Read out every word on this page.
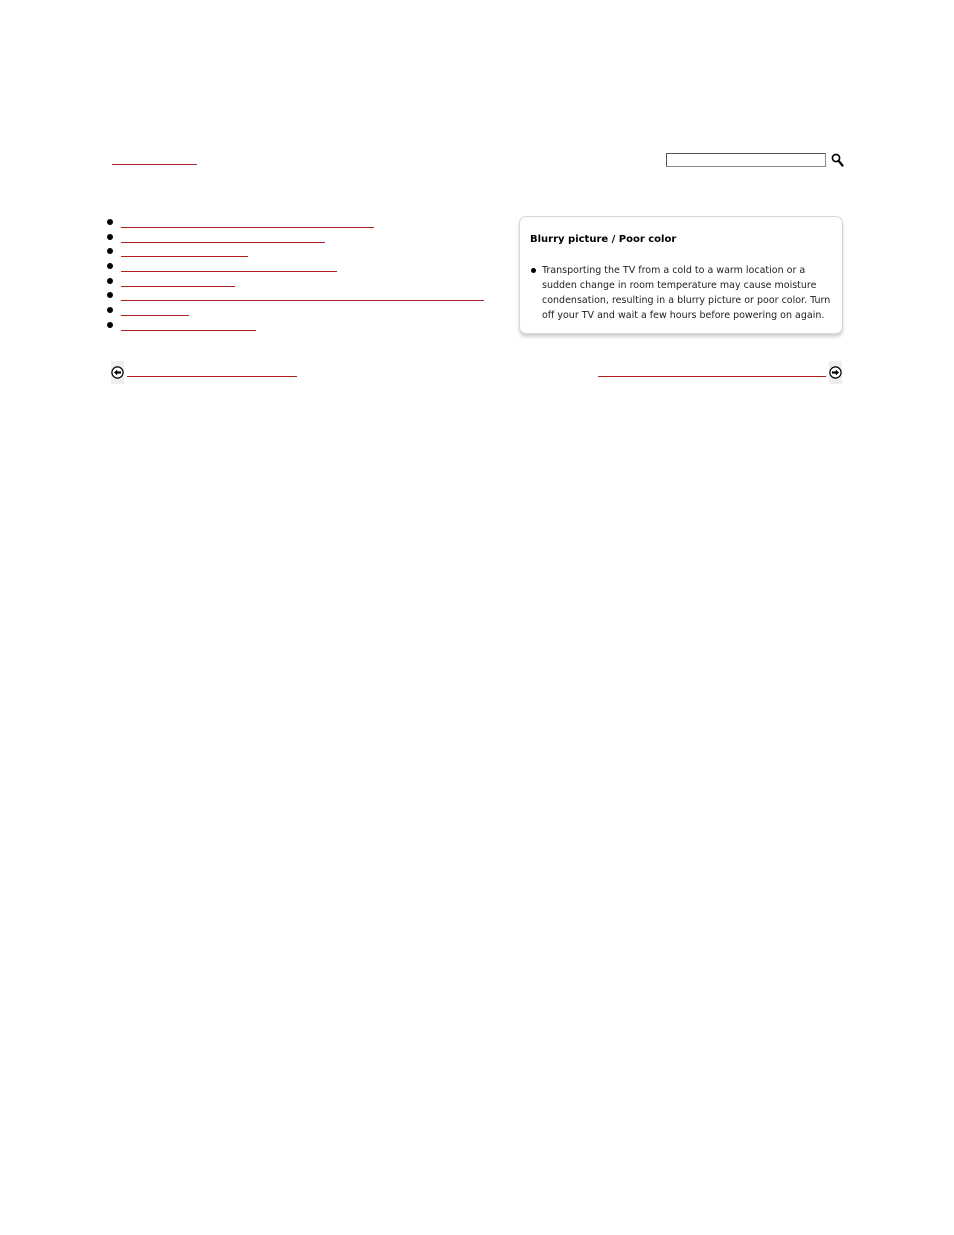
Blurry picture / Poor color
Transporting the TV from a cold to a warm location or a sudden change in room temperature may cause moisture condensation, resulting in a blurry picture or poor color. Turn off your TV and wait a few hours before powering on again.
